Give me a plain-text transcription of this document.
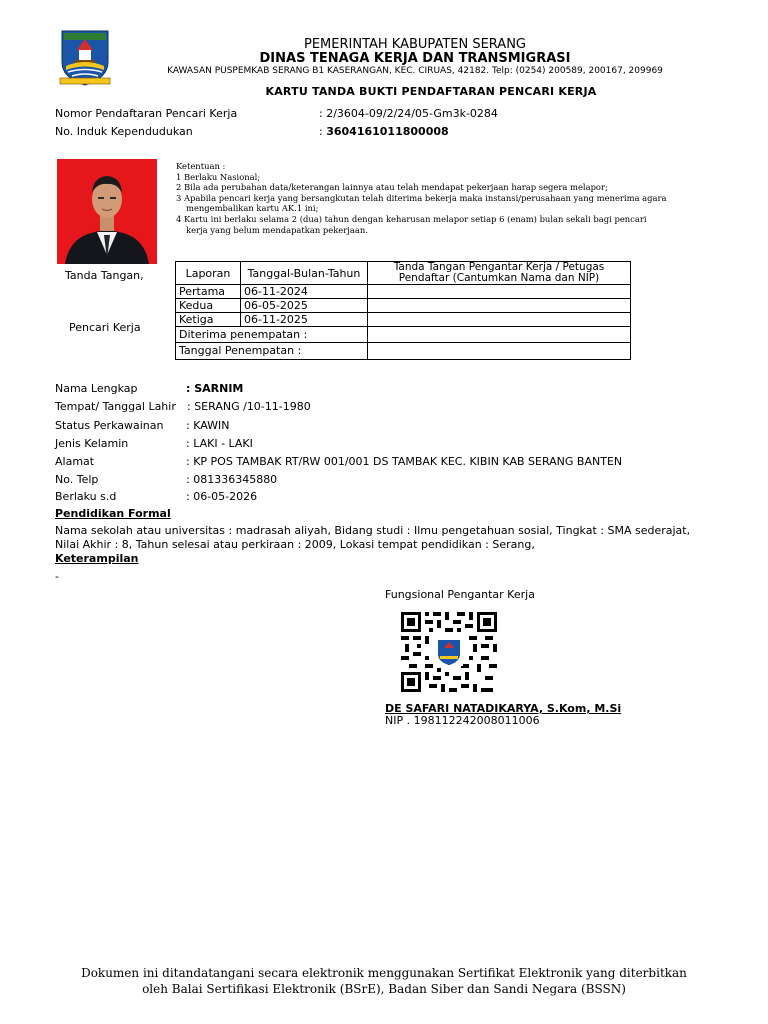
PEMERINTAH KABUPATEN SERANG
DINAS TENAGA KERJA DAN TRANSMIGRASI
KAWASAN PUSPEMKAB SERANG B1 KASERANGAN, KEC. CIRUAS, 42182. Telp: (0254) 200589, 200167, 209969
KARTU TANDA BUKTI PENDAFTARAN PENCARI KERJA
Nomor Pendaftaran Pencari Kerja	: 2/3604-09/2/24/05-Gm3k-0284
No. Induk Kependudukan	: 3604161011800008
Ketentuan :
1 Berlaku Nasional;
2 Bila ada perubahan data/keterangan lainnya atau telah mendapat pekerjaan harap segera melapor;
3 Apabila pencari kerja yang bersangkutan telah diterima bekerja maka instansi/perusahaan yang menerima agara
mengembalikan kartu AK.1 ini;
4 Kartu ini berlaku selama 2 (dua) tahun dengan keharusan melapor setiap 6 (enam) bulan sekali bagi pencari
kerja yang belum mendapatkan pekerjaan.
Tanda Tangan,
Pencari Kerja
Laporan	Tanggal-Bulan-Tahun	Tanda Tangan Pengantar Kerja / Petugas Pendaftar (Cantumkan Nama dan NIP)
Pertama	06-11-2024	
Kedua	06-05-2025	
Ketiga	06-11-2025	
Diterima penempatan :		
Tanggal Penempatan :		
Nama Lengkap	: SARNIM
Tempat/ Tanggal Lahir : SERANG /10-11-1980
Status Perkawainan : KAWIN
Jenis Kelamin	: LAKI - LAKI
Alamat	: KP POS TAMBAK RT/RW 001/001 DS TAMBAK KEC. KIBIN KAB SERANG BANTEN
No. Telp	: 081336345880
Berlaku s.d	: 06-05-2026
Pendidikan Formal
Nama sekolah atau universitas : madrasah aliyah, Bidang studi : Ilmu pengetahuan sosial, Tingkat : SMA sederajat, Nilai Akhir : 8, Tahun selesai atau perkiraan : 2009, Lokasi tempat pendidikan : Serang,
Keterampilan
-
Fungsional Pengantar Kerja
DE SAFARI NATADIKARYA, S.Kom, M.Si
NIP . 198112242008011006
Dokumen ini ditandatangani secara elektronik menggunakan Sertifikat Elektronik yang diterbitkan
oleh Balai Sertifikasi Elektronik (BSrE), Badan Siber dan Sandi Negara (BSSN)
